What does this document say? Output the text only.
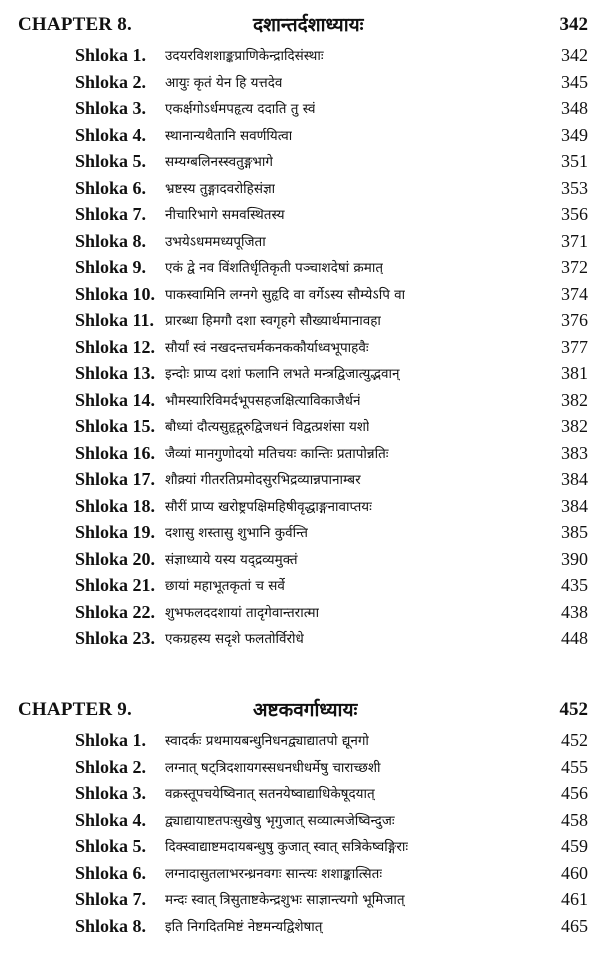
CHAPTER 8.	दशान्तर्दशाध्यायः	342
Shloka 1. उदयरविशशाङ्कप्राणिकेन्द्रादिसंस्थाः	342
Shloka 2. आयुः कृतं येन हि यत्तदेव	345
Shloka 3. एकर्क्षगोऽर्धमपहृत्य ददाति तु स्वं	348
Shloka 4. स्थानान्यथैतानि सवर्णयित्वा	349
Shloka 5. सम्यग्बलिनस्स्वतुङ्गभागे	351
Shloka 6. भ्रष्टस्य तुङ्गादवरोहिसंज्ञा	353
Shloka 7. नीचारिभागे समवस्थितस्य	356
Shloka 8. उभयेऽधममध्यपूजिता	371
Shloka 9. एकं द्वे नव विंशतिर्धृतिकृती पञ्चाशदेषां क्रमात्	372
Shloka 10. पाकस्वामिनि लग्नगे सुहृदि वा वर्गेऽस्य सौम्येऽपि वा	374
Shloka 11. प्रारब्धा हिमगौ दशा स्वगृहगे सौख्यार्थमानावहा	376
Shloka 12. सौर्यां स्वं नखदन्तचर्मकनककौर्याध्वभूपाहवैः	377
Shloka 13. इन्दोः प्राप्य दशां फलानि लभते मन्त्रद्विजात्युद्भवान्	381
Shloka 14. भौमस्यारिविमर्दभूपसहजक्षित्याविकाजैर्धनं	382
Shloka 15. बौध्यां दौत्यसुहृद्गुरुद्विजधनं विद्वत्प्रशंसा यशो	382
Shloka 16. जैव्यां मानगुणोदयो मतिचयः कान्तिः प्रतापोन्नतिः	383
Shloka 17. शौक्र्यां गीतरतिप्रमोदसुरभिद्रव्यान्नपानाम्बर	384
Shloka 18. सौरीं प्राप्य खरोष्ट्रपक्षिमहिषीवृद्धाङ्गनावाप्तयः	384
Shloka 19. दशासु शस्तासु शुभानि कुर्वन्ति	385
Shloka 20. संज्ञाध्याये यस्य यद्द्रव्यमुक्तं	390
Shloka 21. छायां महाभूतकृतां च सर्वे	435
Shloka 22. शुभफलददशायां तादृगेवान्तरात्मा	438
Shloka 23. एकग्रहस्य सदृशे फलतोर्विरोधे	448
CHAPTER 9.	अष्टकवर्गाध्यायः	452
Shloka 1. स्वादर्कः प्रथमायबन्धुनिधनद्व्याद्यातपो द्यूनगो	452
Shloka 2. लग्नात् षट्त्रिदशायगस्सधनधीधर्मेषु चाराच्छशी	455
Shloka 3. वक्रस्तूपचयेष्विनात् सतनयेष्वाद्याधिकेषूदयात्	456
Shloka 4. द्व्याद्यायाष्टतपःसुखेषु भृगुजात् सव्यात्मजेष्विन्दुजः	458
Shloka 5. दिक्स्वाद्याष्टमदायबन्धुषु कुजात् स्वात् सत्रिकेष्वङ्गिराः	459
Shloka 6. लग्नादासुतलाभरन्ध्रनवगः सान्त्यः शशाङ्कात्सितः	460
Shloka 7. मन्दः स्वात् त्रिसुताष्टकेन्द्रशुभः साज्ञान्त्यगो भूमिजात्	461
Shloka 8. इति निगदितमिष्टं नेष्टमन्यद्विशेषात्	465
